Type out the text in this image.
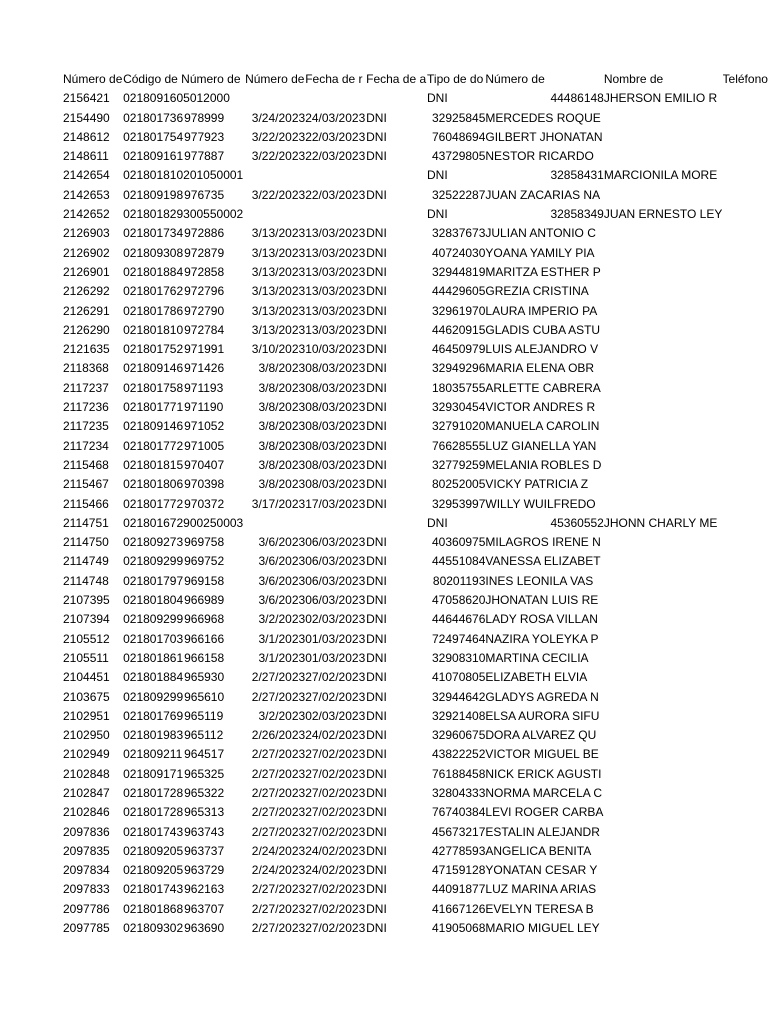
Número de	Código de Número de	Número de	Fecha de r	Fecha de a	Tipo de do	Número de	Nombre de	Teléfono
2156421	0218091605012000				DNI	44486148	JHERSON EMILIO R	
2154490	021801736978999	3/24/2023	24/03/2023	DNI	32925845	MERCEDES ROQUE		
2148612	021801754977923	3/22/2023	22/03/2023	DNI	76048694	GILBERT JHONATAN		
2148611	021809161977887	3/22/2023	22/03/2023	DNI	43729805	NESTOR RICARDO		
2142654	021801810201050001				DNI	32858431	MARCIONILA MORE	
2142653	021809198976735	3/22/2023	22/03/2023	DNI	32522287	JUAN ZACARIAS NA		
2142652	021801829300550002				DNI	32858349	JUAN ERNESTO LEY	
2126903	021801734972886	3/13/2023	13/03/2023	DNI	32837673	JULIAN ANTONIO C		
2126902	021809308972879	3/13/2023	13/03/2023	DNI	40724030	YOANA YAMILY PIA		
2126901	021801884972858	3/13/2023	13/03/2023	DNI	32944819	MARITZA ESTHER P		
2126292	021801762972796	3/13/2023	13/03/2023	DNI	44429605	GREZIA CRISTINA		
2126291	021801786972790	3/13/2023	13/03/2023	DNI	32961970	LAURA IMPERIO PA		
2126290	021801810972784	3/13/2023	13/03/2023	DNI	44620915	GLADIS CUBA ASTU		
2121635	021801752971991	3/10/2023	10/03/2023	DNI	46450979	LUIS ALEJANDRO V		
2118368	021809146971426	3/8/2023	08/03/2023	DNI	32949296	MARIA ELENA OBR		
2117237	021801758971193	3/8/2023	08/03/2023	DNI	18035755	ARLETTE CABRERA		
2117236	021801771971190	3/8/2023	08/03/2023	DNI	32930454	VICTOR ANDRES R		
2117235	021809146971052	3/8/2023	08/03/2023	DNI	32791020	MANUELA CAROLIN		
2117234	021801772971005	3/8/2023	08/03/2023	DNI	76628555	LUZ GIANELLA YAN		
2115468	021801815970407	3/8/2023	08/03/2023	DNI	32779259	MELANIA ROBLES D		
2115467	021801806970398	3/8/2023	08/03/2023	DNI	80252005	VICKY PATRICIA Z		
2115466	021801772970372	3/17/2023	17/03/2023	DNI	32953997	WILLY WUILFREDO		
2114751	021801672900250003				DNI	45360552	JHONN CHARLY ME	
2114750	021809273969758	3/6/2023	06/03/2023	DNI	40360975	MILAGROS IRENE N		
2114749	021809299969752	3/6/2023	06/03/2023	DNI	44551084	VANESSA ELIZABET		
2114748	021801797969158	3/6/2023	06/03/2023	DNI	80201193	INES LEONILA VAS		
2107395	021801804966989	3/6/2023	06/03/2023	DNI	47058620	JHONATAN LUIS RE		
2107394	021809299966968	3/2/2023	02/03/2023	DNI	44644676	LADY ROSA VILLAN		
2105512	021801703966166	3/1/2023	01/03/2023	DNI	72497464	NAZIRA YOLEYKA P		
2105511	021801861966158	3/1/2023	01/03/2023	DNI	32908310	MARTINA CECILIA		
2104451	021801884965930	2/27/2023	27/02/2023	DNI	41070805	ELIZABETH ELVIA		
2103675	021809299965610	2/27/2023	27/02/2023	DNI	32944642	GLADYS AGREDA N		
2102951	021801769965119	3/2/2023	02/03/2023	DNI	32921408	ELSA AURORA SIFU		
2102950	021801983965112	2/26/2023	24/02/2023	DNI	32960675	DORA ALVAREZ QU		
2102949	021809211 964517	2/27/2023	27/02/2023	DNI	43822252	VICTOR MIGUEL BE		
2102848	021809171965325	2/27/2023	27/02/2023	DNI	76188458	NICK ERICK AGUSTI		
2102847	021801728965322	2/27/2023	27/02/2023	DNI	32804333	NORMA MARCELA C		
2102846	021801728965313	2/27/2023	27/02/2023	DNI	76740384	LEVI ROGER CARBA		
2097836	021801743963743	2/27/2023	27/02/2023	DNI	45673217	ESTALIN ALEJANDR		
2097835	021809205963737	2/24/2023	24/02/2023	DNI	42778593	ANGELICA BENITA		
2097834	021809205963729	2/24/2023	24/02/2023	DNI	47159128	YONATAN CESAR Y		
2097833	021801743962163	2/27/2023	27/02/2023	DNI	44091877	LUZ MARINA ARIAS		
2097786	021801868963707	2/27/2023	27/02/2023	DNI	41667126	EVELYN TERESA B		
2097785	021809302963690	2/27/2023	27/02/2023	DNI	41905068	MARIO MIGUEL LEY		
